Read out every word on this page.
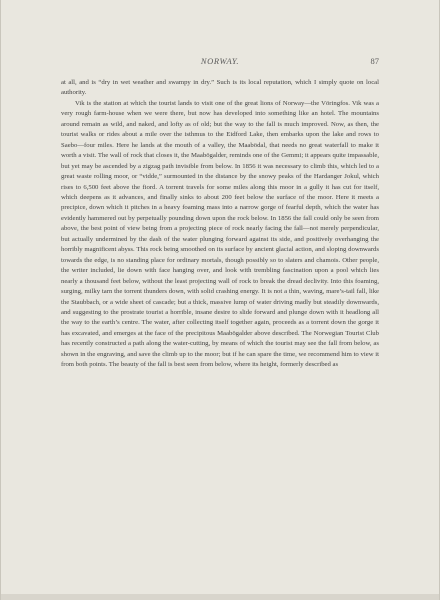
NORWAY.	87

at all, and is “dry in wet weather and swampy in dry.” Such is its local reputation, which I simply quote on local authority.

Vik is the station at which the tourist lands to visit one of the great lions of Norway—the Vöringfos. Vik was a very rough farm-house when we were there, but now has developed into something like an hotel. The mountains around remain as wild, and naked, and lofty as of old; but the way to the fall is much improved. Now, as then, the tourist walks or rides about a mile over the isthmus to the Eidford Lake, then embarks upon the lake and rows to Saebo—four miles. Here he lands at the mouth of a valley, the Maabödal, that needs no great waterfall to make it worth a visit. The wall of rock that closes it, the Maabögalder, reminds one of the Gemmi; it appears quite impassable, but yet may be ascended by a zigzag path invisible from below. In 1856 it was necessary to climb this, which led to a great waste rolling moor, or “vidde,” surmounted in the distance by the snowy peaks of the Hardanger Jokul, which rises to 6,500 feet above the fiord. A torrent travels for some miles along this moor in a gully it has cut for itself, which deepens as it advances, and finally sinks to about 200 feet below the surface of the moor. Here it meets a precipice, down which it pitches in a heavy foaming mass into a narrow gorge of fearful depth, which the water has evidently hammered out by perpetually pounding down upon the rock below. In 1856 the fall could only be seen from above, the best point of view being from a projecting piece of rock nearly facing the fall—not merely perpendicular, but actually undermined by the dash of the water plunging forward against its side, and positively overhanging the horribly magnificent abyss. This rock being smoothed on its surface by ancient glacial action, and sloping downwards towards the edge, is no standing place for ordinary mortals, though possibly so to slaters and chamois. Other people, the writer included, lie down with face hanging over, and look with trembling fascination upon a pool which lies nearly a thousand feet below, without the least projecting wall of rock to break the dread declivity. Into this foaming, surging, milky tarn the torrent thunders down, with solid crashing energy. It is not a thin, waving, mare’s-tail fall, like the Staubbach, or a wide sheet of cascade; but a thick, massive lump of water driving madly but steadily downwards, and suggesting to the prostrate tourist a horrible, insane desire to slide forward and plunge down with it headlong all the way to the earth’s centre. The water, after collecting itself together again, proceeds as a torrent down the gorge it has excavated, and emerges at the face of the precipitous Maabögalder above described. The Norwegian Tourist Club has recently constructed a path along the water-cutting, by means of which the tourist may see the fall from below, as shown in the engraving, and save the climb up to the moor; but if he can spare the time, we recommend him to view it from both points. The beauty of the fall is best seen from below, where its height, formerly described as
